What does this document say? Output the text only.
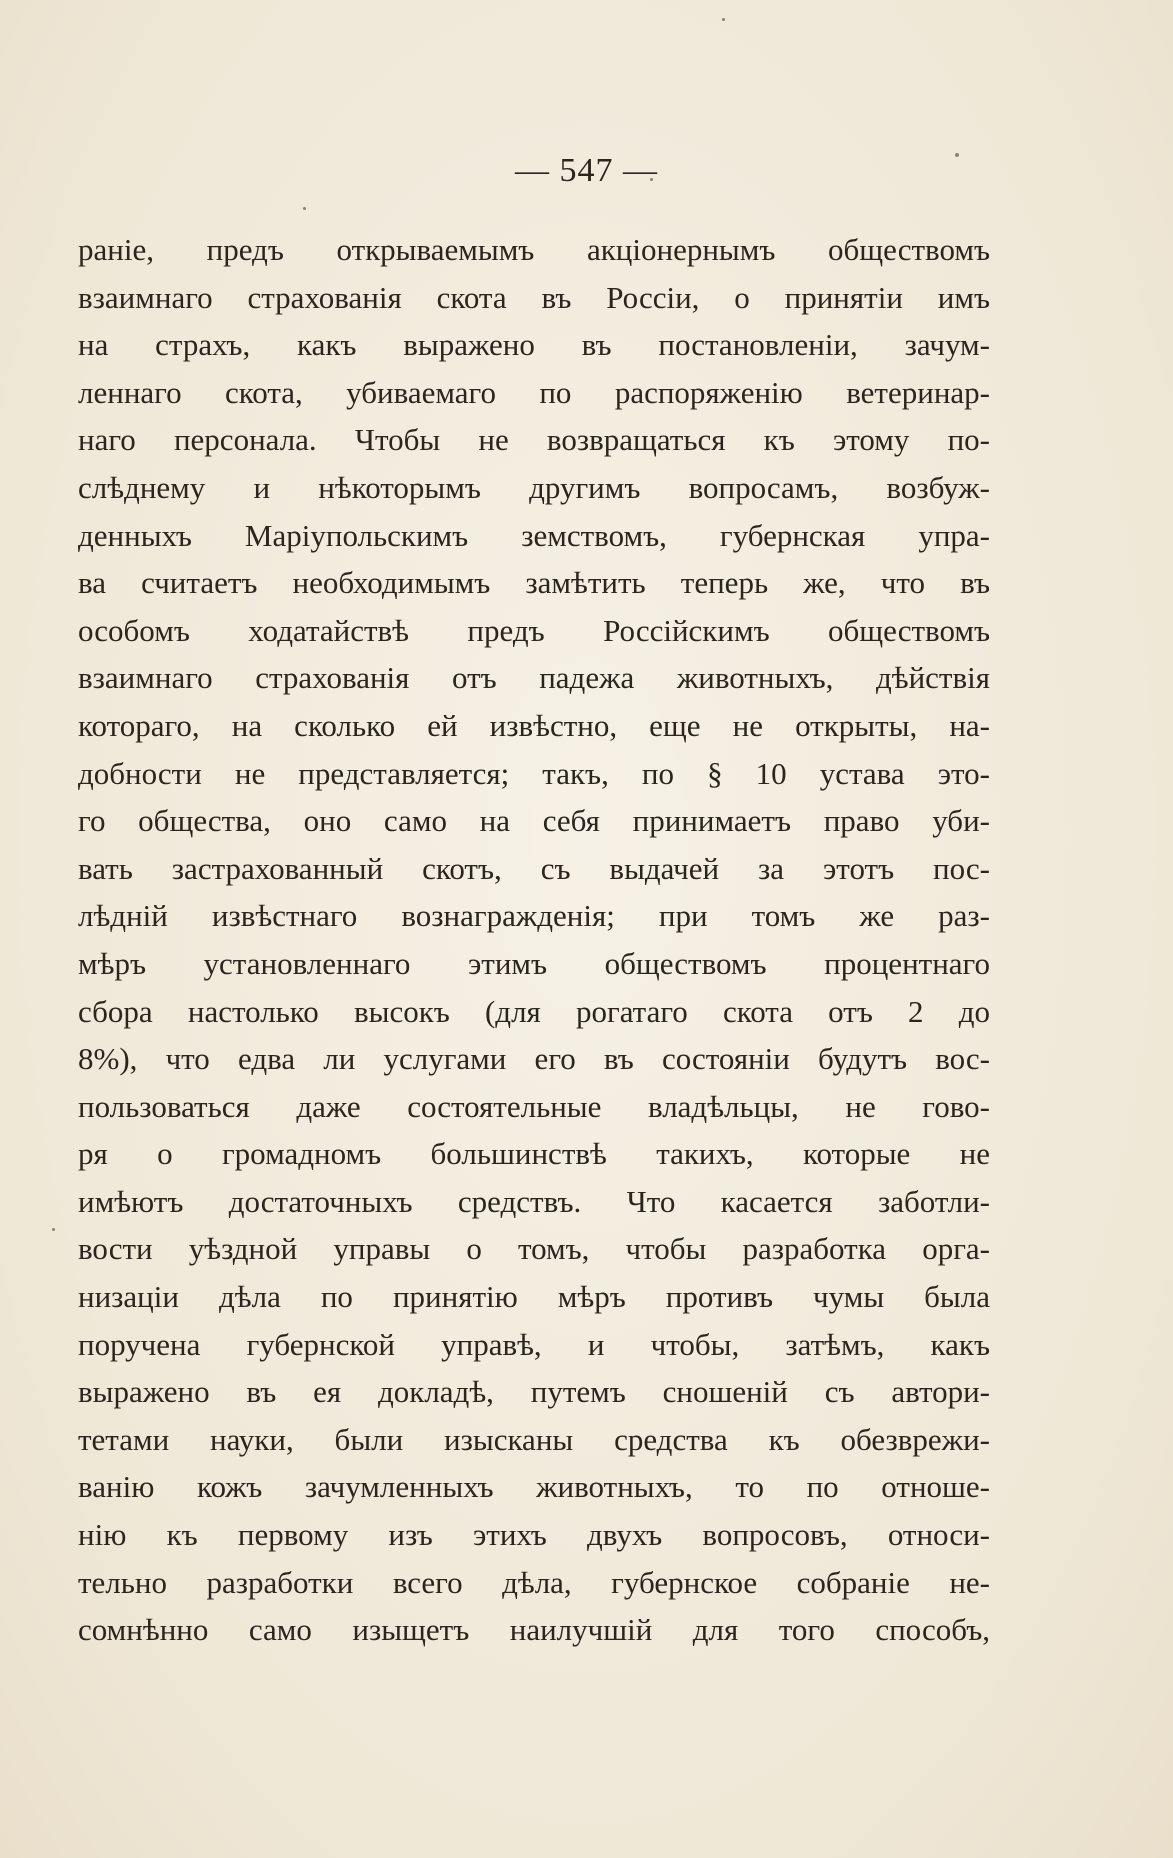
— 547 —
раніе, предъ открываемымъ акціонернымъ обществомъ
взаимнаго страхованія скота въ Россіи, о принятіи имъ
на страхъ, какъ выражено въ постановленіи, зачум-
леннаго скота, убиваемаго по распоряженію ветеринар-
наго персонала. Чтобы не возвращаться къ этому по-
слѣднему и нѣкоторымъ другимъ вопросамъ, возбуж-
денныхъ Маріупольскимъ земствомъ, губернская упра-
ва считаетъ необходимымъ замѣтить теперь же, что въ
особомъ ходатайствѣ предъ Россійскимъ обществомъ
взаимнаго страхованія отъ падежа животныхъ, дѣйствія
котораго, на сколько ей извѣстно, еще не открыты, на-
добности не представляется; такъ, по § 10 устава это-
го общества, оно само на себя принимаетъ право уби-
вать застрахованный скотъ, съ выдачей за этотъ пос-
лѣдній извѣстнаго вознагражденія; при томъ же раз-
мѣръ установленнаго этимъ обществомъ процентнаго
сбора настолько высокъ (для рогатаго скота отъ 2 до
8%), что едва ли услугами его въ состояніи будутъ вос-
пользоваться даже состоятельные владѣльцы, не гово-
ря о громадномъ большинствѣ такихъ, которые не
имѣютъ достаточныхъ средствъ. Что касается заботли-
вости уѣздной управы о томъ, чтобы разработка орга-
низаціи дѣла по принятію мѣръ противъ чумы была
поручена губернской управѣ, и чтобы, затѣмъ, какъ
выражено въ ея докладѣ, путемъ сношеній съ автори-
тетами науки, были изысканы средства къ обезврежи-
ванію кожъ зачумленныхъ животныхъ, то по отноше-
нію къ первому изъ этихъ двухъ вопросовъ, относи-
тельно разработки всего дѣла, губернское собраніе не-
сомнѣнно само изыщетъ наилучшій для того способъ,
